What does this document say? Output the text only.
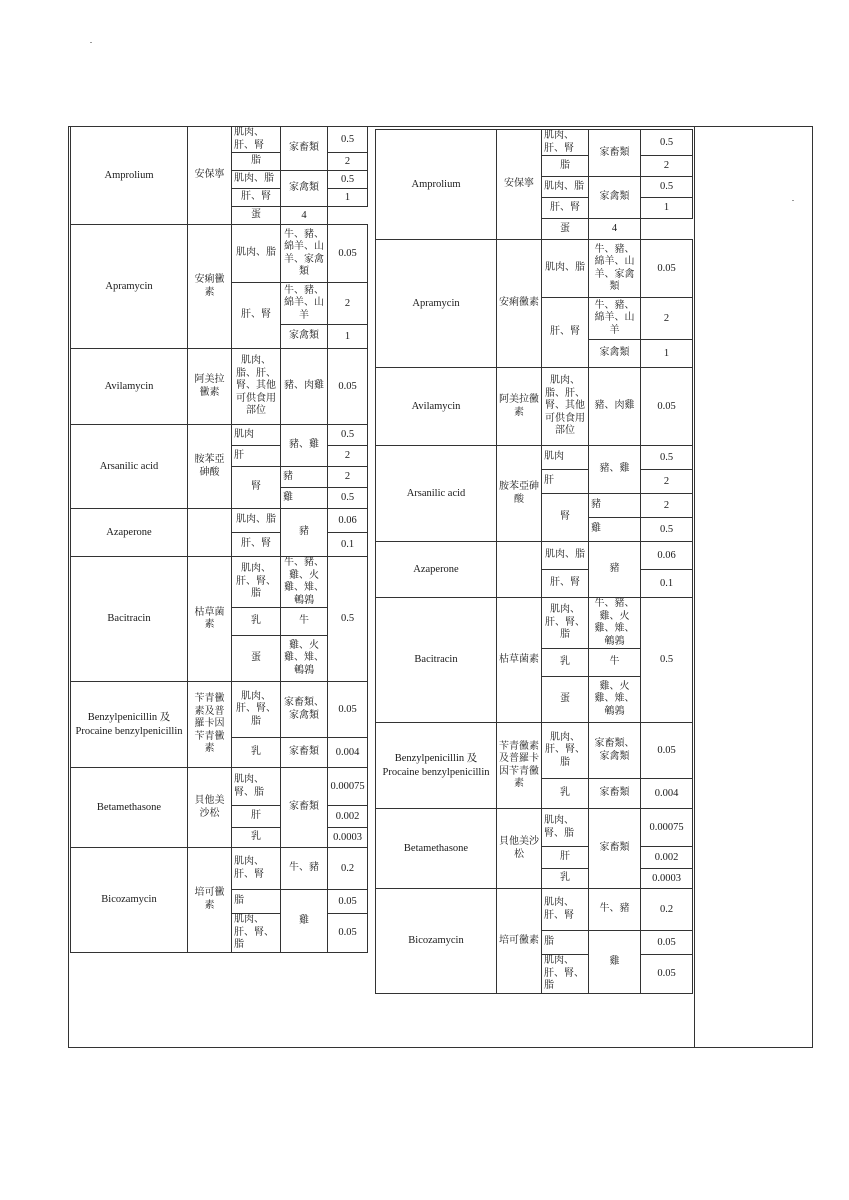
Amprolium	安保寧	肌肉、肝、腎	家畜類	0.5
		脂		2
		肌肉、脂	家禽類	0.5
		肝、腎		1
		蛋	4	
Apramycin	安痢黴素	肌肉、脂	牛、豬、綿羊、山羊、家禽類	0.05
		肝、腎	牛、豬、綿羊、山羊	2
			家禽類	1
Avilamycin	阿美拉黴素	肌肉、脂、肝、腎、其他可供食用部位	豬、肉雞	0.05
Arsanilic acid	胺苯亞砷酸	肌肉	豬、雞	0.5
		肝		2
		腎	豬	2
			雞	0.5
Azaperone		肌肉、脂	豬	0.06
		肝、腎		0.1
Bacitracin	枯草菌素	肌肉、肝、腎、脂	牛、豬、雞、火雞、雉、鵪鶉	0.5
		乳	牛	
		蛋	雞、火雞、雉、鵪鶉	
Benzylpenicillin 及 Procaine benzylpenicillin	苄青黴素及普羅卡因苄青黴素	肌肉、肝、腎、脂	家畜類、家禽類	0.05
		乳	家畜類	0.004
Betamethasone	貝他美沙松	肌肉、腎、脂	家畜類	0.00075
		肝		0.002
		乳		0.0003
Bicozamycin	培可黴素	肌肉、肝、腎	牛、豬	0.2
		脂	雞	0.05
		肌肉、肝、腎、脂		0.05
Amprolium	安保寧	肌肉、肝、腎	家畜類	0.5
		脂		2
		肌肉、脂	家禽類	0.5
		肝、腎		1
		蛋	4	
Apramycin	安痢黴素	肌肉、脂	牛、豬、綿羊、山羊、家禽類	0.05
		肝、腎	牛、豬、綿羊、山羊	2
			家禽類	1
Avilamycin	阿美拉黴素	肌肉、脂、肝、腎、其他可供食用部位	豬、肉雞	0.05
Arsanilic acid	胺苯亞砷酸	肌肉	豬、雞	0.5
		肝		2
		腎	豬	2
			雞	0.5
Azaperone		肌肉、脂	豬	0.06
		肝、腎		0.1
Bacitracin	枯草菌素	肌肉、肝、腎、脂	牛、豬、雞、火雞、雉、鵪鶉	0.5
		乳	牛	
		蛋	雞、火雞、雉、鵪鶉	
Benzylpenicillin 及 Procaine benzylpenicillin	苄青黴素及普羅卡因苄青黴素	肌肉、肝、腎、脂	家畜類、家禽類	0.05
		乳	家畜類	0.004
Betamethasone	貝他美沙松	肌肉、腎、脂	家畜類	0.00075
		肝		0.002
		乳		0.0003
Bicozamycin	培可黴素	肌肉、肝、腎	牛、豬	0.2
		脂	雞	0.05
		肌肉、肝、腎、脂		0.05
